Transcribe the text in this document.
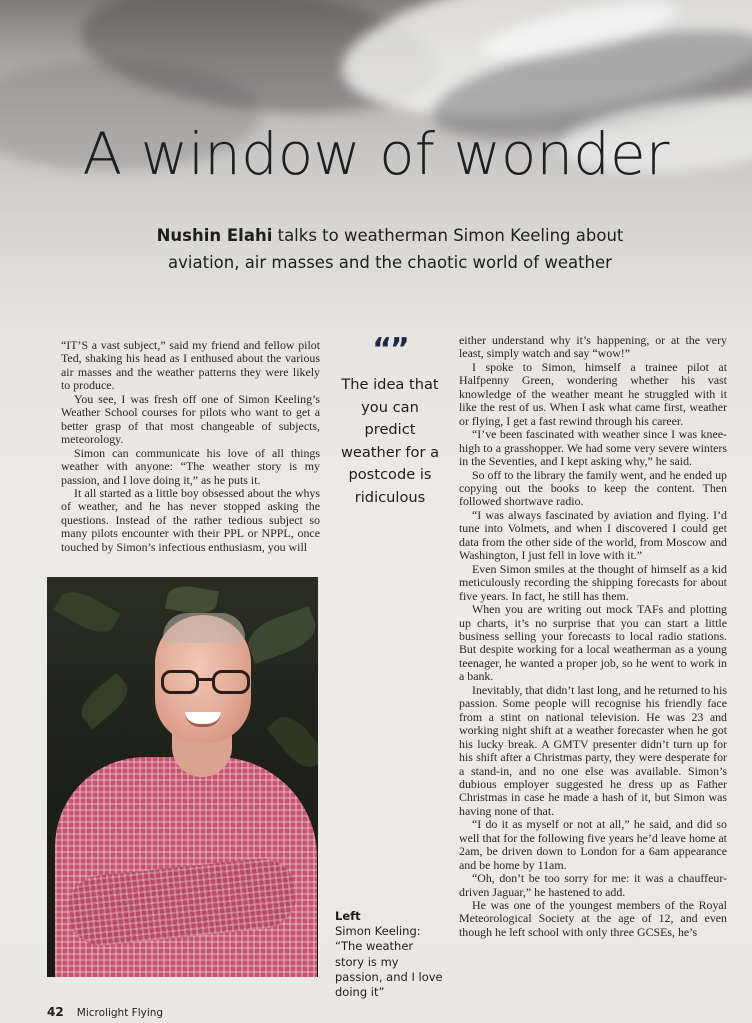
A window of wonder

Nushin Elahi talks to weatherman Simon Keeling about
aviation, air masses and the chaotic world of weather

“IT’S a vast subject,” said my friend and fellow pilot Ted, shaking his head as I enthused about the various air masses and the weather patterns they were likely to produce.

You see, I was fresh off one of Simon Keeling’s Weather School courses for pilots who want to get a better grasp of that most changeable of subjects, meteorology.

Simon can communicate his love of all things weather with anyone: “The weather story is my passion, and I love doing it,” as he puts it.

It all started as a little boy obsessed about the whys of weather, and he has never stopped asking the questions. Instead of the rather tedious subject so many pilots encounter with their PPL or NPPL, once touched by Simon’s infectious enthusiasm, you will

“”

The idea that you can predict weather for a postcode is ridiculous

either understand why it’s happening, or at the very least, simply watch and say “wow!”

I spoke to Simon, himself a trainee pilot at Halfpenny Green, wondering whether his vast knowledge of the weather meant he struggled with it like the rest of us. When I ask what came first, weather or flying, I get a fast rewind through his career.

“I’ve been fascinated with weather since I was knee-high to a grasshopper. We had some very severe winters in the Seventies, and I kept asking why,” he said.

So off to the library the family went, and he ended up copying out the books to keep the content. Then followed shortwave radio.

“I was always fascinated by aviation and flying. I’d tune into Volmets, and when I discovered I could get data from the other side of the world, from Moscow and Washington, I just fell in love with it.”

Even Simon smiles at the thought of himself as a kid meticulously recording the shipping forecasts for about five years. In fact, he still has them.

When you are writing out mock TAFs and plotting up charts, it’s no surprise that you can start a little business selling your forecasts to local radio stations. But despite working for a local weatherman as a young teenager, he wanted a proper job, so he went to work in a bank.

Inevitably, that didn’t last long, and he returned to his passion. Some people will recognise his friendly face from a stint on national television. He was 23 and working night shift at a weather forecaster when he got his lucky break. A GMTV presenter didn’t turn up for his shift after a Christmas party, they were desperate for a stand-in, and no one else was available. Simon’s dubious employer suggested he dress up as Father Christmas in case he made a hash of it, but Simon was having none of that.

“I do it as myself or not at all,” he said, and did so well that for the following five years he’d leave home at 2am, be driven down to London for a 6am appearance and be home by 11am.

“Oh, don’t be too sorry for me: it was a chauffeur-driven Jaguar,” he hastened to add.

He was one of the youngest members of the Royal Meteorological Society at the age of 12, and even though he left school with only three GCSEs, he’s

Left
Simon Keeling: “The weather story is my passion, and I love doing it”
42 Microlight Flying
